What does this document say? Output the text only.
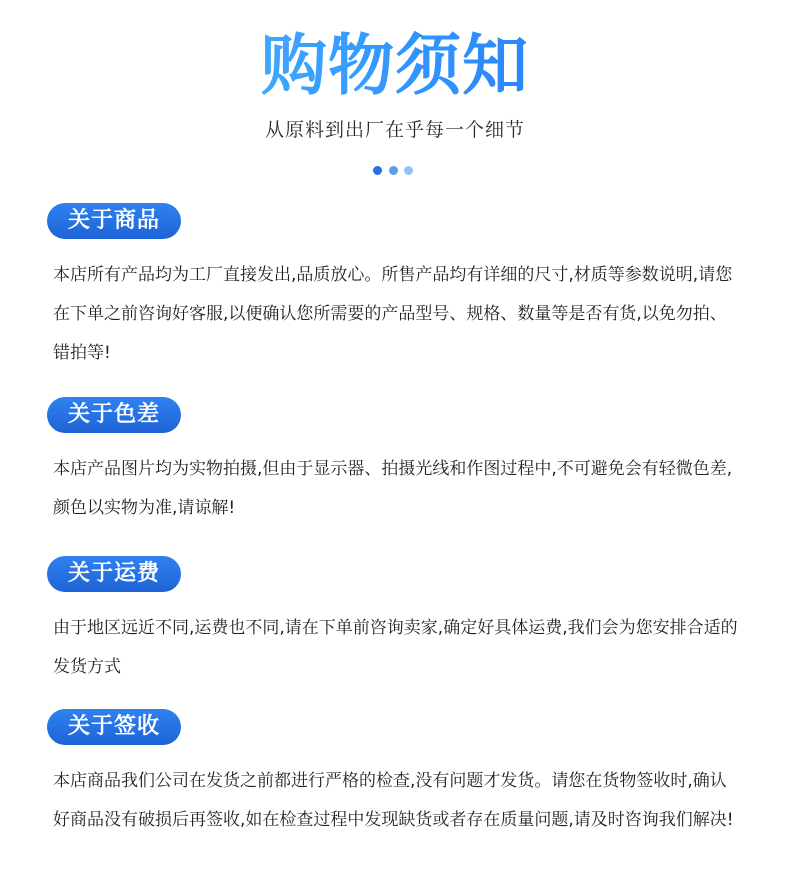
购物须知
从原料到出厂在乎每一个细节
关于商品

本店所有产品均为工厂直接发出,品质放心。所售产品均有详细的尺寸,材质等参数说明,请您在下单之前咨询好客服,以便确认您所需要的产品型号、规格、数量等是否有货,以免勿拍、错拍等!

关于色差

本店产品图片均为实物拍摄,但由于显示器、拍摄光线和作图过程中,不可避免会有轻微色差,颜色以实物为准,请谅解!

关于运费

由于地区远近不同,运费也不同,请在下单前咨询卖家,确定好具体运费,我们会为您安排合适的发货方式

关于签收

本店商品我们公司在发货之前都进行严格的检查,没有问题才发货。请您在货物签收时,确认好商品没有破损后再签收,如在检查过程中发现缺货或者存在质量问题,请及时咨询我们解决!
